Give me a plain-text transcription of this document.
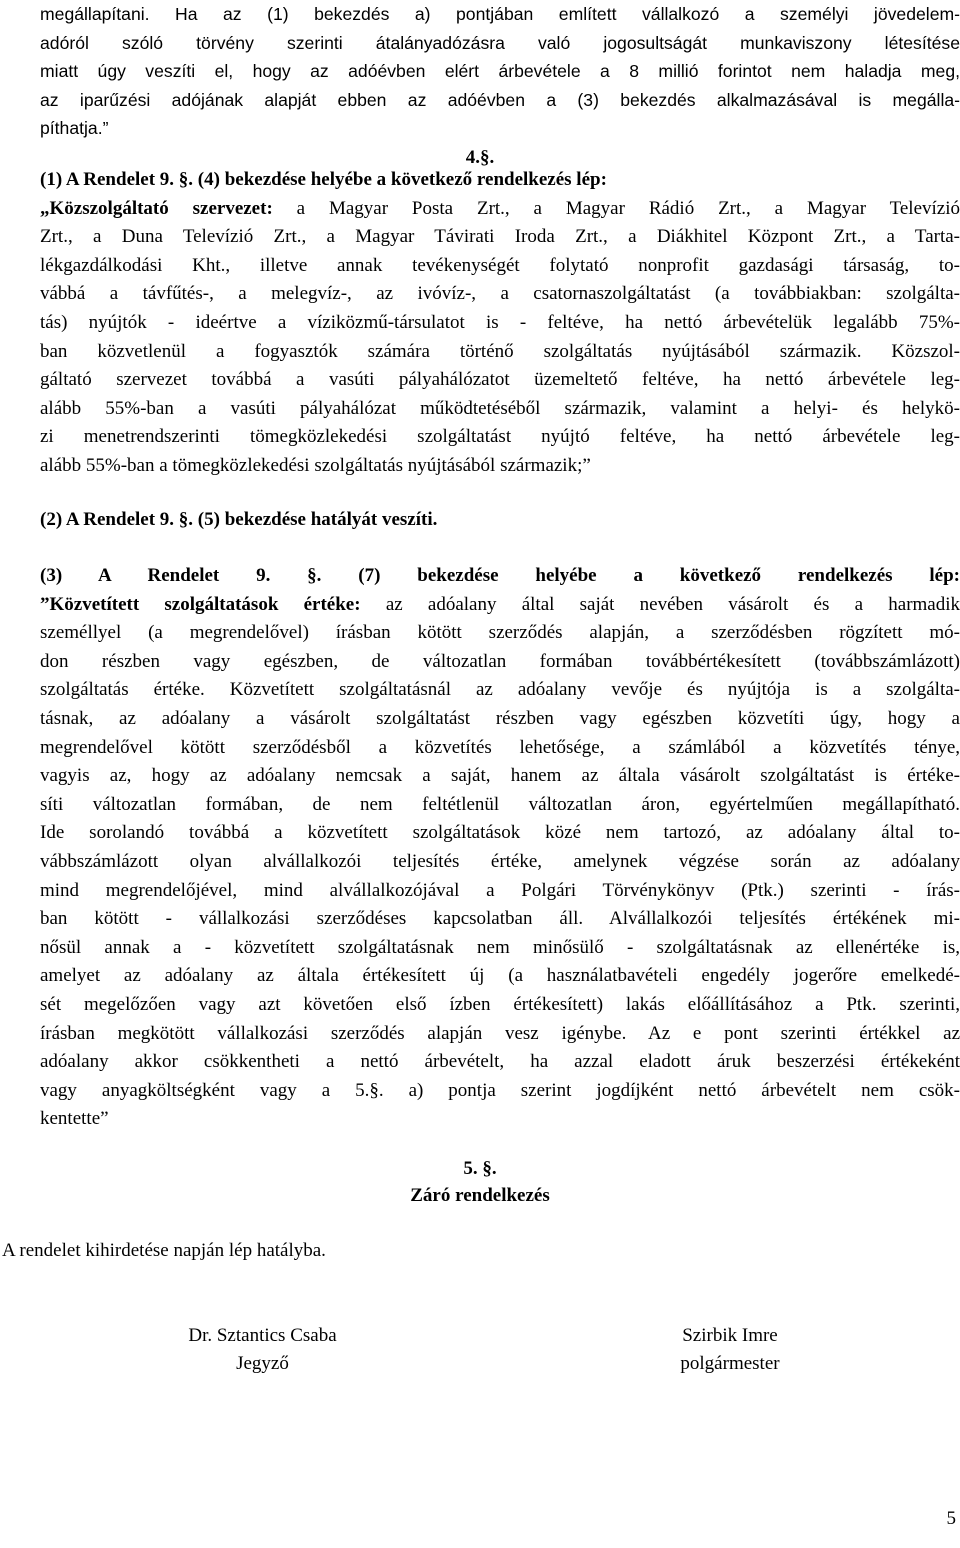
megállapítani. Ha az (1) bekezdés a) pontjában említett vállalkozó a személyi jövedelem-
adóról szóló törvény szerinti átalányadózásra való jogosultságát munkaviszony létesítése
miatt úgy veszíti el, hogy az adóévben elért árbevétele a 8 millió forintot nem haladja meg,
az iparűzési adójának alapját ebben az adóévben a (3) bekezdés alkalmazásával is megálla-
píthatja.”
4.§.
(1) A Rendelet 9. §. (4) bekezdése helyébe a következő rendelkezés lép:
„Közszolgáltató szervezet: a Magyar Posta Zrt., a Magyar Rádió Zrt., a Magyar Televízió
Zrt., a Duna Televízió Zrt., a Magyar Távirati Iroda Zrt., a Diákhitel Központ Zrt., a Tarta-
lékgazdálkodási Kht., illetve annak tevékenységét folytató nonprofit gazdasági társaság, to-
vábbá a távfűtés-, a melegvíz-, az ivóvíz-, a csatornaszolgáltatást (a továbbiakban: szolgálta-
tás) nyújtók - ideértve a víziközmű-társulatot is - feltéve, ha nettó árbevételük legalább 75%-
ban közvetlenül a fogyasztók számára történő szolgáltatás nyújtásából származik. Közszol-
gáltató szervezet továbbá a vasúti pályahálózatot üzemeltető feltéve, ha nettó árbevétele leg-
alább 55%-ban a vasúti pályahálózat működtetéséből származik, valamint a helyi- és helykö-
zi menetrendszerinti tömegközlekedési szolgáltatást nyújtó feltéve, ha nettó árbevétele leg-
alább 55%-ban a tömegközlekedési szolgáltatás nyújtásából származik;”
(2) A Rendelet 9. §. (5) bekezdése hatályát veszíti.
(3) A Rendelet 9. §. (7) bekezdése helyébe a következő rendelkezés lép:
”Közvetített szolgáltatások értéke: az adóalany által saját nevében vásárolt és a harmadik
személlyel (a megrendelővel) írásban kötött szerződés alapján, a szerződésben rögzített mó-
don részben vagy egészben, de változatlan formában továbbértékesített (továbbszámlázott)
szolgáltatás értéke. Közvetített szolgáltatásnál az adóalany vevője és nyújtója is a szolgálta-
tásnak, az adóalany a vásárolt szolgáltatást részben vagy egészben közvetíti úgy, hogy a
megrendelővel kötött szerződésből a közvetítés lehetősége, a számlából a közvetítés ténye,
vagyis az, hogy az adóalany nemcsak a saját, hanem az általa vásárolt szolgáltatást is értéke-
síti változatlan formában, de nem feltétlenül változatlan áron, egyértelműen megállapítható.
Ide sorolandó továbbá a közvetített szolgáltatások közé nem tartozó, az adóalany által to-
vábbszámlázott olyan alvállalkozói teljesítés értéke, amelynek végzése során az adóalany
mind megrendelőjével, mind alvállalkozójával a Polgári Törvénykönyv (Ptk.) szerinti - írás-
ban kötött - vállalkozási szerződéses kapcsolatban áll. Alvállalkozói teljesítés értékének mi-
nősül annak a - közvetített szolgáltatásnak nem minősülő - szolgáltatásnak az ellenértéke is,
amelyet az adóalany az általa értékesített új (a használatbavételi engedély jogerőre emelkedé-
sét megelőzően vagy azt követően első ízben értékesített) lakás előállításához a Ptk. szerinti,
írásban megkötött vállalkozási szerződés alapján vesz igénybe. Az e pont szerinti értékkel az
adóalany akkor csökkentheti a nettó árbevételt, ha azzal eladott áruk beszerzési értékeként
vagy anyagköltségként vagy a 5.§. a) pontja szerint jogdíjként nettó árbevételt nem csök-
kentette”
5. §.
Záró rendelkezés
A rendelet kihirdetése napján lép hatályba.
Dr. Sztantics Csaba
Jegyző
Szirbik Imre
polgármester
5
